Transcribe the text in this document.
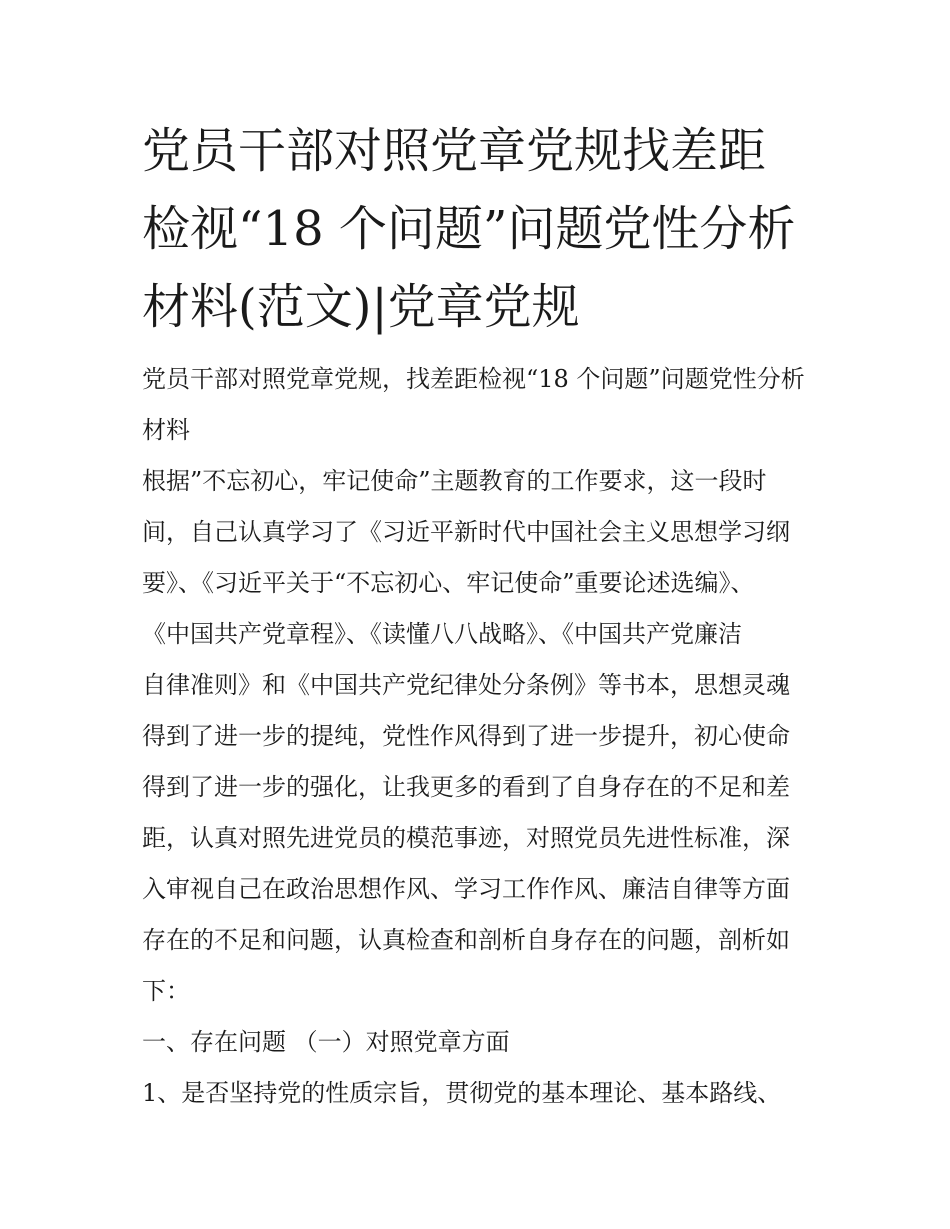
党员干部对照党章党规找差距
检视“18 个问题”问题党性分析
材料(范文)|党章党规
党员干部对照党章党规，找差距检视“18 个问题”问题党性分析
材料
根据”不忘初心，牢记使命”主题教育的工作要求，这一段时
间，自己认真学习了《习近平新时代中国社会主义思想学习纲
要》、《习近平关于“不忘初心、牢记使命”重要论述选编》、
《中国共产党章程》、《读懂八八战略》、《中国共产党廉洁
自律准则》和《中国共产党纪律处分条例》等书本，思想灵魂
得到了进一步的提纯，党性作风得到了进一步提升，初心使命
得到了进一步的强化，让我更多的看到了自身存在的不足和差
距，认真对照先进党员的模范事迹，对照党员先进性标准，深
入审视自己在政治思想作风、学习工作作风、廉洁自律等方面
存在的不足和问题，认真检查和剖析自身存在的问题，剖析如
下：
一、存在问题 （一）对照党章方面
1、是否坚持党的性质宗旨，贯彻党的基本理论、基本路线、
